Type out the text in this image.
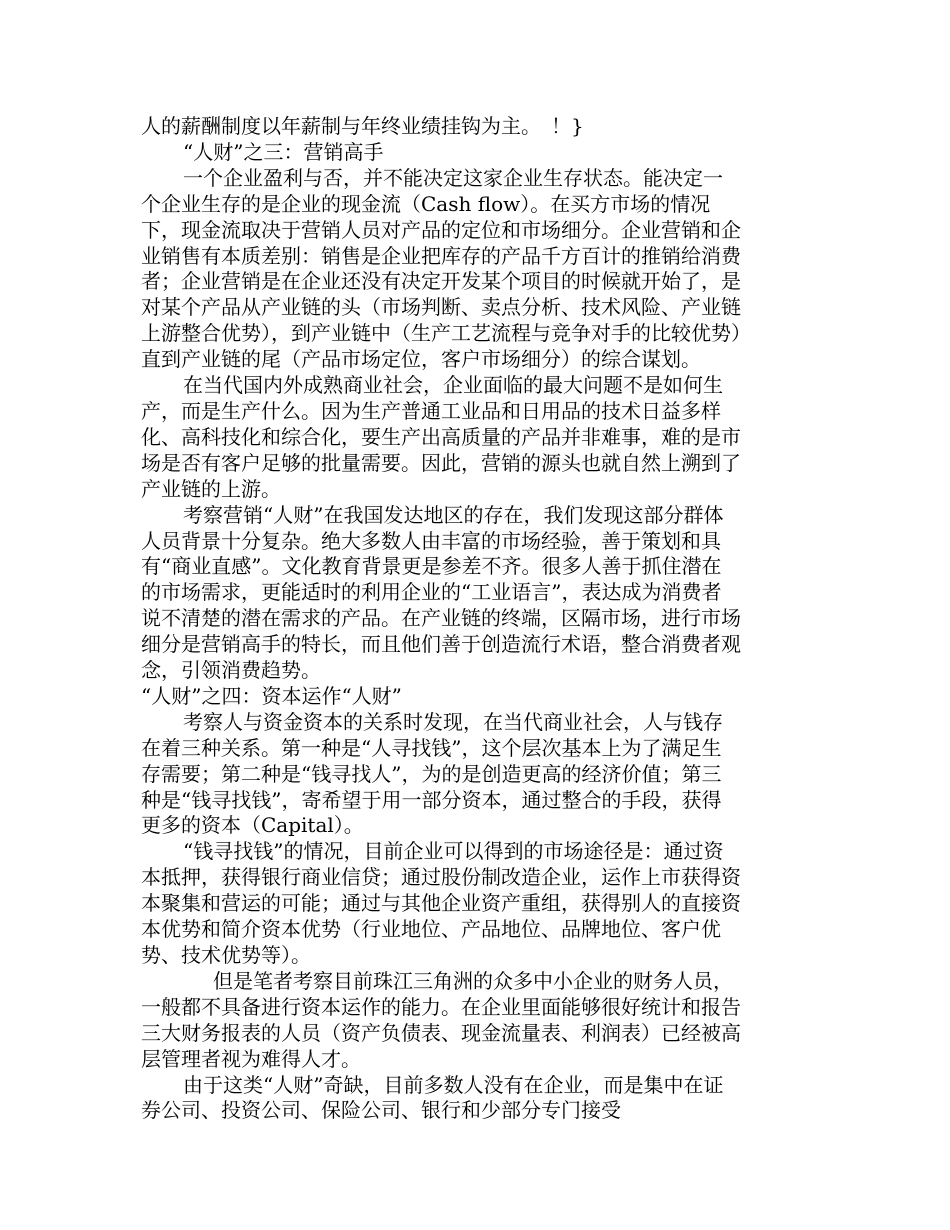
人的薪酬制度以年薪制与年终业绩挂钩为主。　！}

“人财”之三：营销高手

一个企业盈利与否，并不能决定这家企业生存状态。能决定一个企业生存的是企业的现金流（Cash flow）。在买方市场的情况下，现金流取决于营销人员对产品的定位和市场细分。企业营销和企业销售有本质差别：销售是企业把库存的产品千方百计的推销给消费者；企业营销是在企业还没有决定开发某个项目的时候就开始了，是对某个产品从产业链的头（市场判断、卖点分析、技术风险、产业链上游整合优势），到产业链中（生产工艺流程与竞争对手的比较优势）直到产业链的尾（产品市场定位，客户市场细分）的综合谋划。

在当代国内外成熟商业社会，企业面临的最大问题不是如何生产，而是生产什么。因为生产普通工业品和日用品的技术日益多样化、高科技化和综合化，要生产出高质量的产品并非难事，难的是市场是否有客户足够的批量需要。因此，营销的源头也就自然上溯到了产业链的上游。

考察营销“人财”在我国发达地区的存在，我们发现这部分群体人员背景十分复杂。绝大多数人由丰富的市场经验，善于策划和具有“商业直感”。文化教育背景更是参差不齐。很多人善于抓住潜在的市场需求，更能适时的利用企业的“工业语言”，表达成为消费者说不清楚的潜在需求的产品。在产业链的终端，区隔市场，进行市场细分是营销高手的特长，而且他们善于创造流行术语，整合消费者观念，引领消费趋势。

“人财”之四：资本运作“人财”

考察人与资金资本的关系时发现，在当代商业社会，人与钱存在着三种关系。第一种是“人寻找钱”，这个层次基本上为了满足生存需要；第二种是“钱寻找人”，为的是创造更高的经济价值；第三种是“钱寻找钱”，寄希望于用一部分资本，通过整合的手段，获得更多的资本（Capital）。

“钱寻找钱”的情况，目前企业可以得到的市场途径是：通过资本抵押，获得银行商业信贷；通过股份制改造企业，运作上市获得资本聚集和营运的可能；通过与其他企业资产重组，获得别人的直接资本优势和简介资本优势（行业地位、产品地位、品牌地位、客户优势、技术优势等）。

但是笔者考察目前珠江三角洲的众多中小企业的财务人员，一般都不具备进行资本运作的能力。在企业里面能够很好统计和报告三大财务报表的人员（资产负债表、现金流量表、利润表）已经被高层管理者视为难得人才。

由于这类“人财”奇缺，目前多数人没有在企业，而是集中在证券公司、投资公司、保险公司、银行和少部分专门接受
